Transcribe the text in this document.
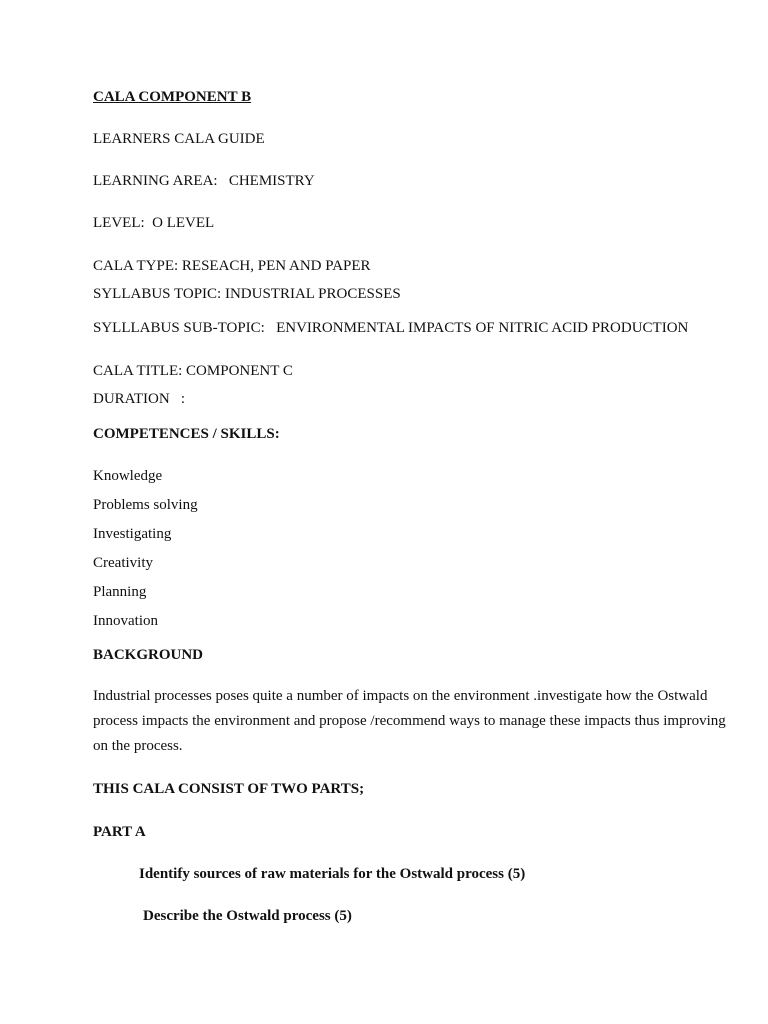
CALA COMPONENT B
LEARNERS CALA GUIDE
LEARNING AREA:   CHEMISTRY
LEVEL:  O LEVEL
CALA TYPE: RESEACH, PEN AND PAPER
SYLLABUS TOPIC: INDUSTRIAL PROCESSES
SYLLLABUS SUB-TOPIC:   ENVIRONMENTAL IMPACTS OF NITRIC ACID PRODUCTION
CALA TITLE: COMPONENT C
DURATION   :
COMPETENCES / SKILLS:
Knowledge
Problems solving
Investigating
Creativity
Planning
Innovation
BACKGROUND
Industrial processes poses quite a number of impacts on the environment .investigate how the Ostwald process impacts the environment and propose /recommend ways to manage these impacts thus improving on the process.
THIS CALA CONSIST OF TWO PARTS;
PART A
Identify sources of raw materials for the Ostwald process (5)
Describe the Ostwald process (5)
